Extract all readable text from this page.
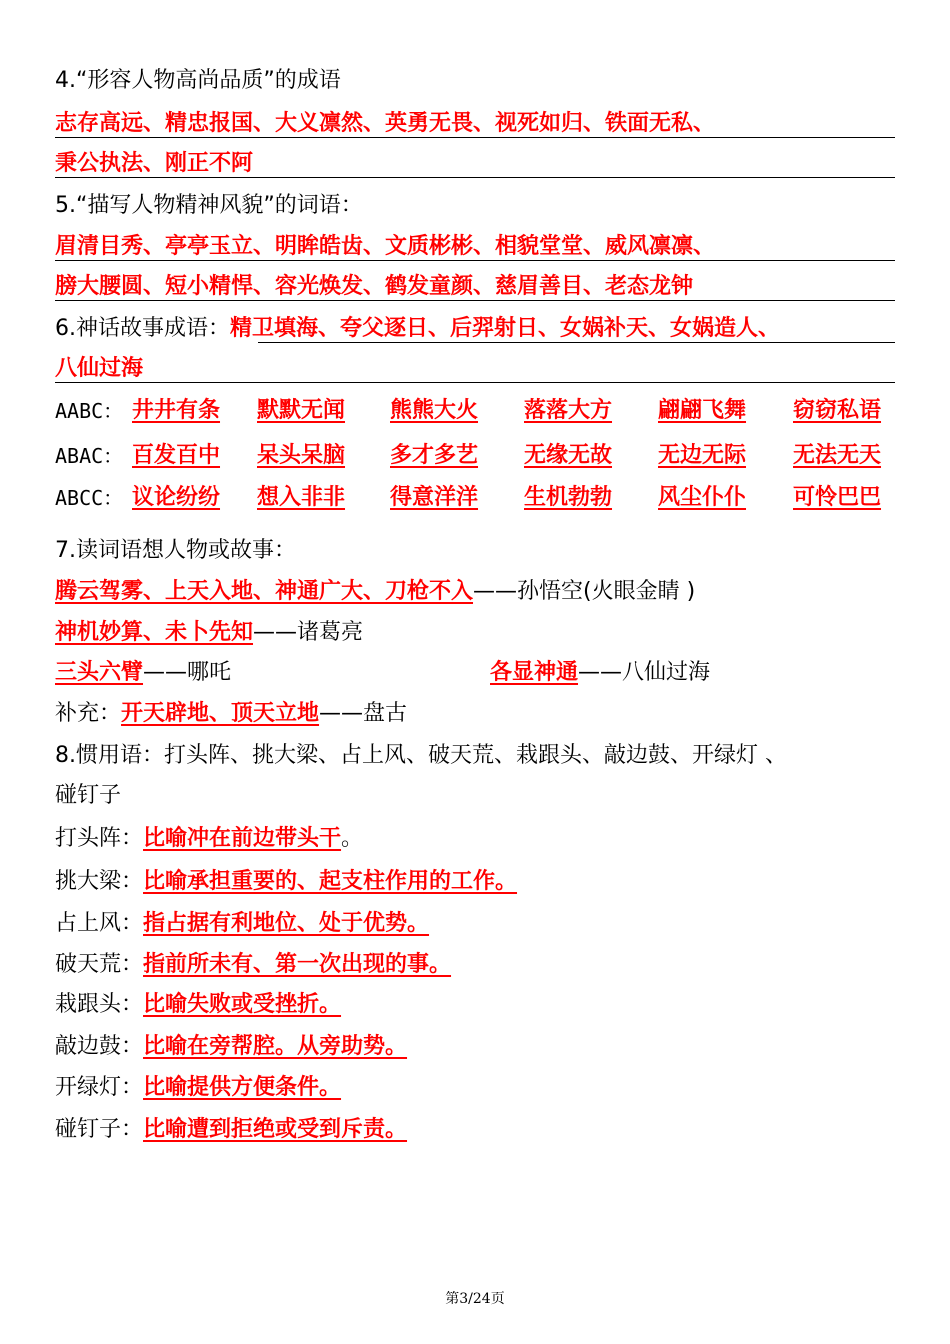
4.“形容人物高尚品质”的成语
志存高远、精忠报国、大义凛然、英勇无畏、视死如归、铁面无私、
秉公执法、刚正不阿
5.“描写人物精神风貌”的词语：
眉清目秀、亭亭玉立、明眸皓齿、文质彬彬、相貌堂堂、威风凛凛、
膀大腰圆、短小精悍、容光焕发、鹤发童颜、慈眉善目、老态龙钟
6.神话故事成语：精卫填海、夸父逐日、后羿射日、女娲补天、女娲造人、
八仙过海
AABC： 井井有条 默默无闻 熊熊大火 落落大方 翩翩飞舞 窃窃私语
ABAC： 百发百中 呆头呆脑 多才多艺 无缘无故 无边无际 无法无天
ABCC： 议论纷纷 想入非非 得意洋洋 生机勃勃 风尘仆仆 可怜巴巴
7.读词语想人物或故事：
腾云驾雾、上天入地、神通广大、刀枪不入——孙悟空(火眼金睛 )
神机妙算、未卜先知——诸葛亮
三头六臂——哪吒	各显神通——八仙过海
补充：开天辟地、顶天立地——盘古
8.惯用语：打头阵、挑大梁、占上风、破天荒、栽跟头、敲边鼓、开绿灯 、
碰钉子
打头阵：比喻冲在前边带头干。
挑大梁：比喻承担重要的、起支柱作用的工作。
占上风：指占据有利地位、处于优势。
破天荒：指前所未有、第一次出现的事。
栽跟头：比喻失败或受挫折。
敲边鼓：比喻在旁帮腔。从旁助势。
开绿灯：比喻提供方便条件。
碰钉子：比喻遭到拒绝或受到斥责。
第3/24页
